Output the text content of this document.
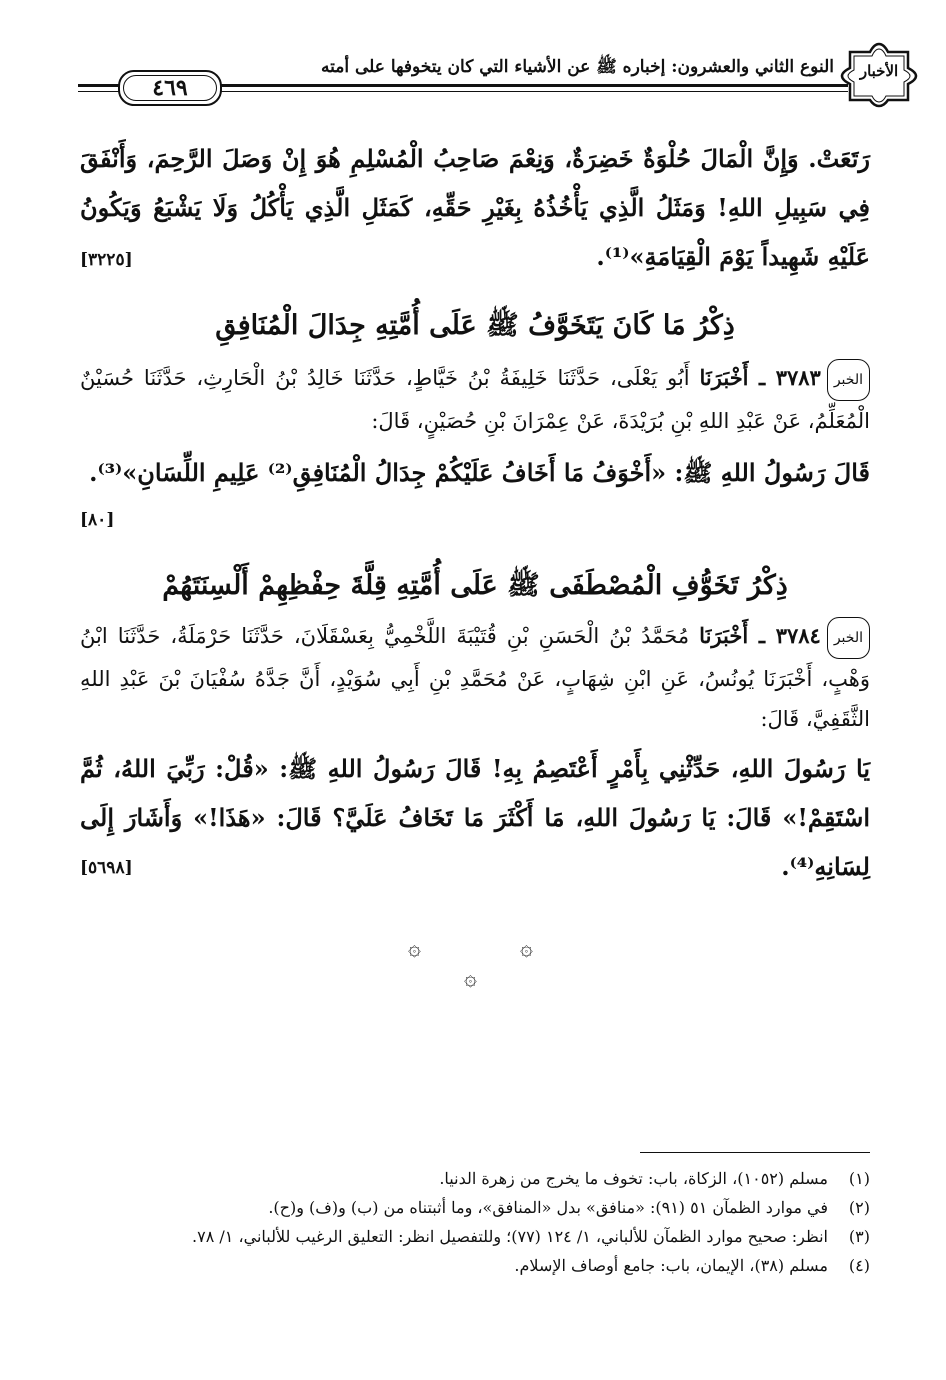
٤٦٩
النوع الثاني والعشرون: إخباره ﷺ عن الأشياء التي كان يتخوفها على أمته	الأخبار
رَتَعَتْ. وَإِنَّ الْمَالَ حُلْوَةٌ خَضِرَةٌ، وَنِعْمَ صَاحِبُ الْمُسْلِمِ هُوَ إِنْ وَصَلَ الرَّحِمَ، وَأَنْفَقَ فِي سَبِيلِ اللهِ! وَمَثَلُ الَّذِي يَأْخُذُهُ بِغَيْرِ حَقِّهِ، كَمَثَلِ الَّذِي يَأْكُلُ وَلَا يَشْبَعُ وَيَكُونُ عَلَيْهِ شَهِيداً يَوْمَ الْقِيَامَةِ»⁽¹⁾.
[٣٢٢٥]
ذِكْرُ مَا كَانَ يَتَخَوَّفُ ﷺ عَلَى أُمَّتِهِ جِدَالَ الْمُنَافِقِ
الخبر٣٧٨٣ ـ أَخْبَرَنَا أَبُو يَعْلَى، حَدَّثَنَا خَلِيفَةُ بْنُ خَيَّاطٍ، حَدَّثَنَا خَالِدُ بْنُ الْحَارِثِ، حَدَّثَنَا حُسَيْنٌ الْمُعَلِّمُ، عَنْ عَبْدِ اللهِ بْنِ بُرَيْدَةَ، عَنْ عِمْرَانَ بْنِ حُصَيْنٍ، قَالَ:
قَالَ رَسُولُ اللهِ ﷺ: «أَخْوَفُ مَا أَخَافُ عَلَيْكُمْ جِدَالُ الْمُنَافِقِ⁽²⁾ عَلِيمِ اللِّسَانِ»⁽³⁾.
[٨٠]
ذِكْرُ تَخَوُّفِ الْمُصْطَفَى ﷺ عَلَى أُمَّتِهِ قِلَّةَ حِفْظِهِمْ أَلْسِنَتَهُمْ
الخبر٣٧٨٤ ـ أَخْبَرَنَا مُحَمَّدُ بْنُ الْحَسَنِ بْنِ قُتَيْبَةَ اللَّخْمِيُّ بِعَسْقَلَانَ، حَدَّثَنَا حَرْمَلَةُ، حَدَّثَنَا ابْنُ وَهْبٍ، أَخْبَرَنَا يُونُسُ، عَنِ ابْنِ شِهَابٍ، عَنْ مُحَمَّدِ بْنِ أَبِي سُوَيْدٍ، أَنَّ جَدَّهُ سُفْيَانَ بْنَ عَبْدِ اللهِ الثَّقَفِيَّ، قَالَ:
يَا رَسُولَ اللهِ، حَدِّثْنِي بِأَمْرٍ أَعْتَصِمُ بِهِ! قَالَ رَسُولُ اللهِ ﷺ: «قُلْ: رَبِّيَ اللهُ، ثُمَّ اسْتَقِمْ!» قَالَ: يَا رَسُولَ اللهِ، مَا أَكْثَرَ مَا تَخَافُ عَلَيَّ؟ قَالَ: «هَذَا!» وَأَشَارَ إِلَى لِسَانِهِ⁽⁴⁾.
[٥٦٩٨]
۞	۞
۞
(١)
مسلم (١٠٥٢)، الزكاة، باب: تخوف ما يخرج من زهرة الدنيا.
(٢)
في موارد الظمآن ٥١ (٩١): «منافق» بدل «المنافق»، وما أثبتناه من (ب) و(ف) و(ح).
(٣)
انظر: صحيح موارد الظمآن للألباني، ١/ ١٢٤ (٧٧)؛ وللتفصيل انظر: التعليق الرغيب للألباني، ١/ ٧٨.
(٤)
مسلم (٣٨)، الإيمان، باب: جامع أوصاف الإسلام.
